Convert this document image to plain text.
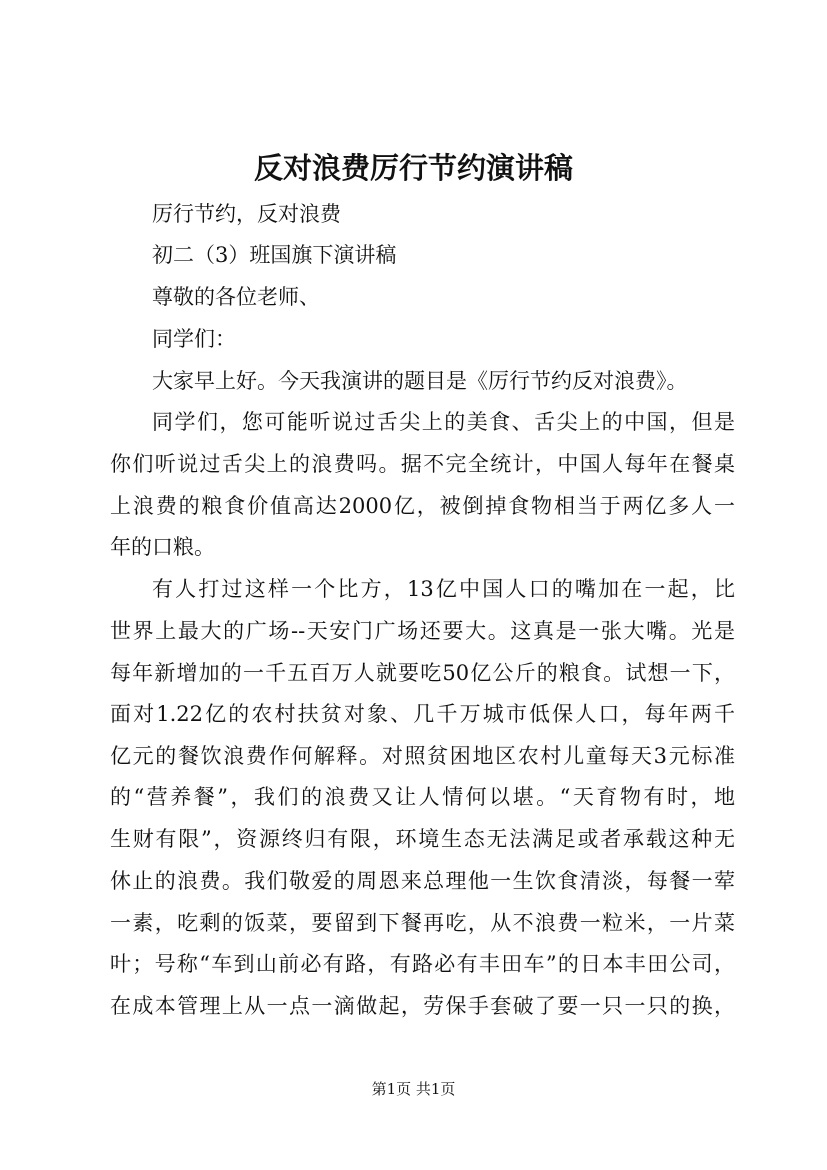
反对浪费厉行节约演讲稿

厉行节约，反对浪费

初二（3）班国旗下演讲稿

尊敬的各位老师、

同学们：

大家早上好。今天我演讲的题目是《厉行节约反对浪费》。

同学们，您可能听说过舌尖上的美食、舌尖上的中国，但是

你们听说过舌尖上的浪费吗。据不完全统计，中国人每年在餐桌

上浪费的粮食价值高达2000亿，被倒掉食物相当于两亿多人一

年的口粮。

有人打过这样一个比方，13亿中国人口的嘴加在一起，比

世界上最大的广场--天安门广场还要大。这真是一张大嘴。光是

每年新增加的一千五百万人就要吃50亿公斤的粮食。试想一下，

面对1.22亿的农村扶贫对象、几千万城市低保人口，每年两千

亿元的餐饮浪费作何解释。对照贫困地区农村儿童每天3元标准

的“营养餐”，我们的浪费又让人情何以堪。“天育物有时，地

生财有限”，资源终归有限，环境生态无法满足或者承载这种无

休止的浪费。我们敬爱的周恩来总理他一生饮食清淡，每餐一荤

一素，吃剩的饭菜，要留到下餐再吃，从不浪费一粒米，一片菜

叶；号称“车到山前必有路，有路必有丰田车”的日本丰田公司，

在成本管理上从一点一滴做起，劳保手套破了要一只一只的换，

第1页 共1页
